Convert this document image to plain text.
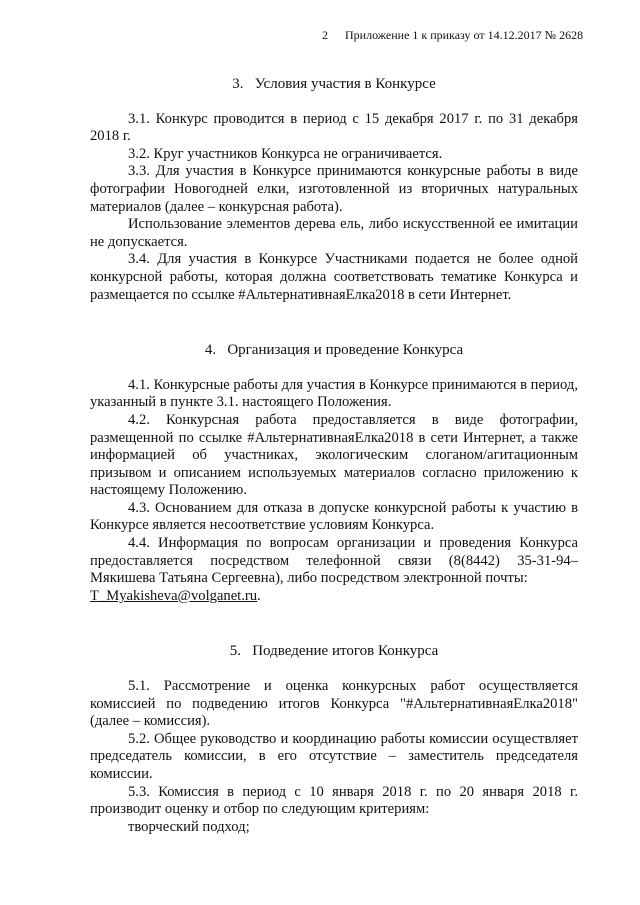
2 Приложение 1 к приказу от 14.12.2017 № 2628

3.   Условия участия в Конкурсе

3.1. Конкурс проводится в период с 15 декабря 2017 г. по 31 декабря 2018 г.

3.2. Круг участников Конкурса не ограничивается.

3.3. Для участия в Конкурсе принимаются конкурсные работы в виде фотографии Новогодней елки, изготовленной из вторичных натуральных материалов (далее – конкурсная работа).

Использование элементов дерева ель, либо искусственной ее имитации не допускается.

3.4. Для участия в Конкурсе Участниками подается не более одной конкурсной работы, которая должна соответствовать тематике Конкурса и размещается по ссылке #АльтернативнаяЕлка2018 в сети Интернет.

4.   Организация и проведение Конкурса

4.1. Конкурсные работы для участия в Конкурсе принимаются в период, указанный в пункте 3.1. настоящего Положения.

4.2. Конкурсная работа предоставляется в виде фотографии, размещенной по ссылке #АльтернативнаяЕлка2018 в сети Интернет, а также информацией об участниках, экологическим слоганом/агитационным призывом и описанием используемых материалов согласно приложению к настоящему Положению.

4.3. Основанием для отказа в допуске конкурсной работы к участию в Конкурсе является несоответствие условиям Конкурса.

4.4. Информация по вопросам организации и проведения Конкурса предоставляется посредством телефонной связи (8(8442) 35-31-94– Мякишева Татьяна Сергеевна), либо посредством электронной почты:

T_Myakisheva@volganet.ru.

5.   Подведение итогов Конкурса

5.1. Рассмотрение и оценка конкурсных работ осуществляется комиссией по подведению итогов Конкурса "#АльтернативнаяЕлка2018" (далее – комиссия).

5.2. Общее руководство и координацию работы комиссии осуществляет председатель комиссии, в его отсутствие – заместитель председателя комиссии.

5.3. Комиссия в период с 10 января 2018 г. по 20 января 2018 г. производит оценку и отбор по следующим критериям:

творческий подход;
